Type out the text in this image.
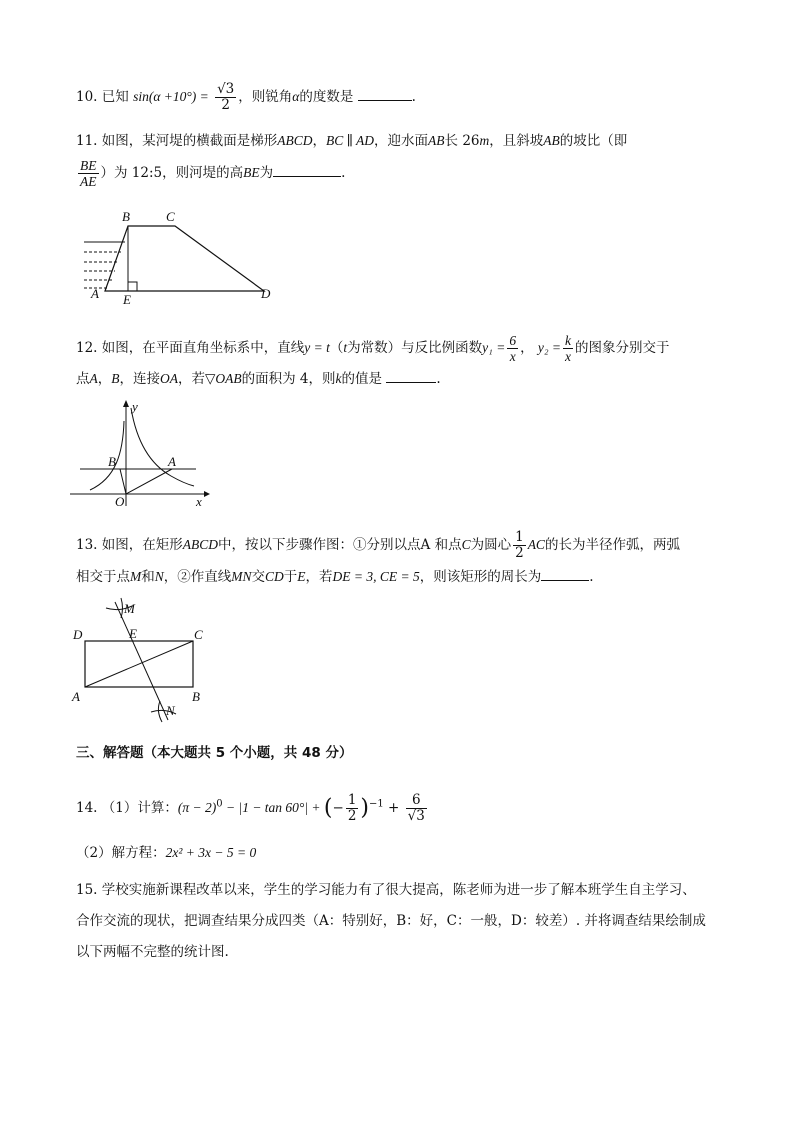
10. 已知 $\sin(\alpha +10^\circ) = \frac{√3}{2}$ ，则锐角α的度数是	.
11. 如图，某河堤的横截面是梯形ABCD，BC ∥ AD，迎水面AB长 26m，且斜坡AB的坡比（即
$\frac{BE}{AE}$ ）为 12:5，则河堤的高BE为	.
B	C
A E	D
12. 如图，在平面直角坐标系中，直线y = t（t为常数）与反比例函数$y_1 = \frac{6}{x}$ ， $y_2 = \frac{k}{x}$ 的图象分别交于
点A，B，连接OA，若▽OAB的面积为 4，则k的值是	.
y
x
B	A
O
13. 如图，在矩形ABCD中，按以下步骤作图：①分别以点A 和点C为圆心 $\frac{1}{2}$ AC的长为半径作弧，两弧
相交于点M和N，②作直线MN交CD于E，若DE = 3, CE = 5，则该矩形的周长为	.
M
D	E	C
A	B
N
三、解答题（本大题共 5 个小题，共 48 分）
14. （1）计算：$(\pi - 2)^0 - |1 - \tan 60^\circ|$ + (− $\frac{1}{2} )^{-1} + \frac{6}{√3}$
（2）解方程：2x² + 3x − 5 = 0
15. 学校实施新课程改革以来，学生的学习能力有了很大提高，陈老师为进一步了解本班学生自主学习、
合作交流的现状，把调查结果分成四类（A：特别好，B：好，C：一般，D：较差）. 并将调查结果绘制成
以下两幅不完整的统计图.
